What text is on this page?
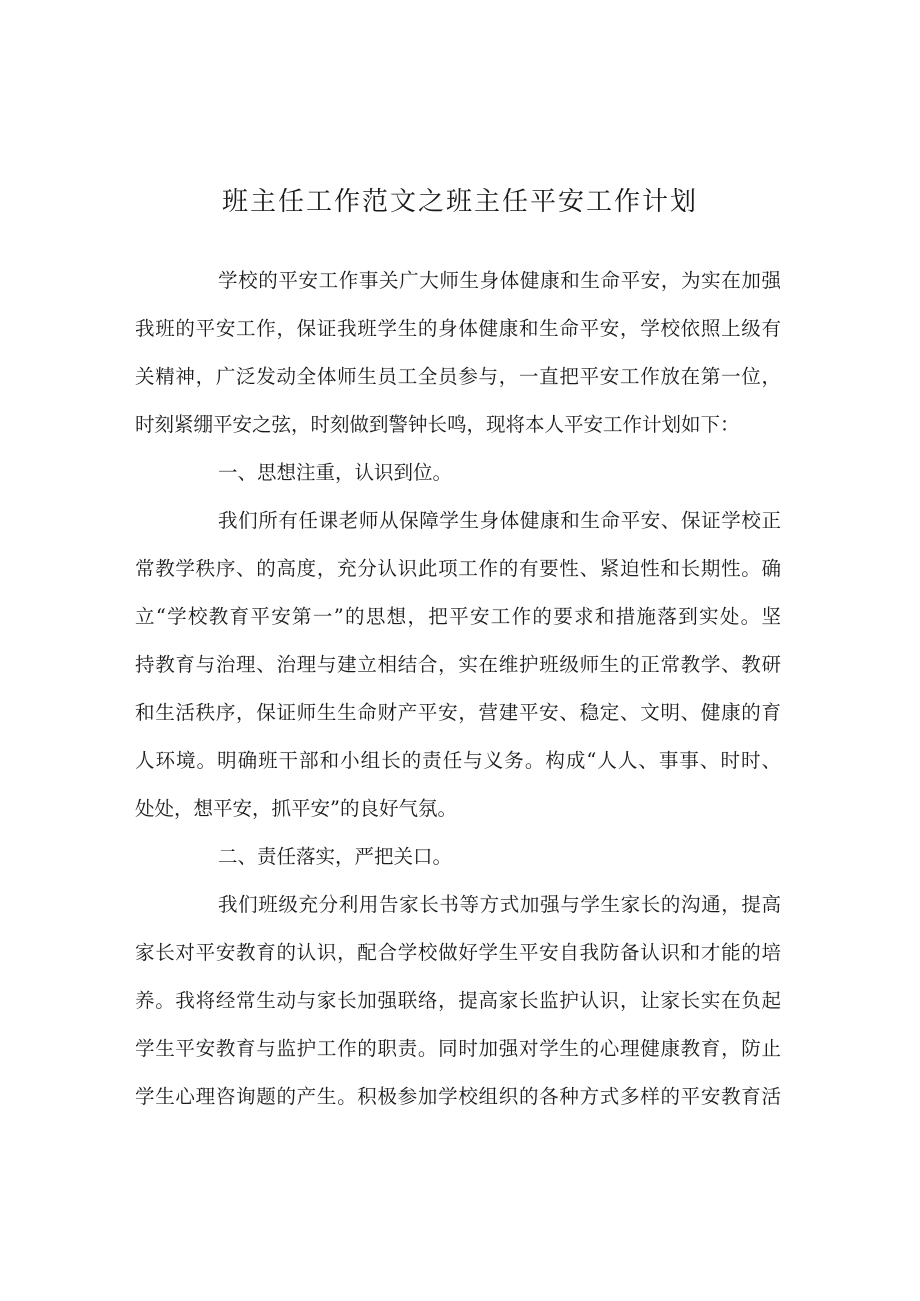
班主任工作范文之班主任平安工作计划
学校的平安工作事关广大师生身体健康和生命平安，为实在加强
我班的平安工作，保证我班学生的身体健康和生命平安，学校依照上级有
关精神，广泛发动全体师生员工全员参与，一直把平安工作放在第一位，
时刻紧绷平安之弦，时刻做到警钟长鸣，现将本人平安工作计划如下：
一、思想注重，认识到位。
我们所有任课老师从保障学生身体健康和生命平安、保证学校正
常教学秩序、的高度，充分认识此项工作的有要性、紧迫性和长期性。确
立“学校教育平安第一”的思想，把平安工作的要求和措施落到实处。坚
持教育与治理、治理与建立相结合，实在维护班级师生的正常教学、教研
和生活秩序，保证师生生命财产平安，营建平安、稳定、文明、健康的育
人环境。明确班干部和小组长的责任与义务。构成“人人、事事、时时、
处处，想平安，抓平安”的良好气氛。
二、责任落实，严把关口。
我们班级充分利用告家长书等方式加强与学生家长的沟通，提高
家长对平安教育的认识，配合学校做好学生平安自我防备认识和才能的培
养。我将经常生动与家长加强联络，提高家长监护认识，让家长实在负起
学生平安教育与监护工作的职责。同时加强对学生的心理健康教育，防止
学生心理咨询题的产生。积极参加学校组织的各种方式多样的平安教育活
